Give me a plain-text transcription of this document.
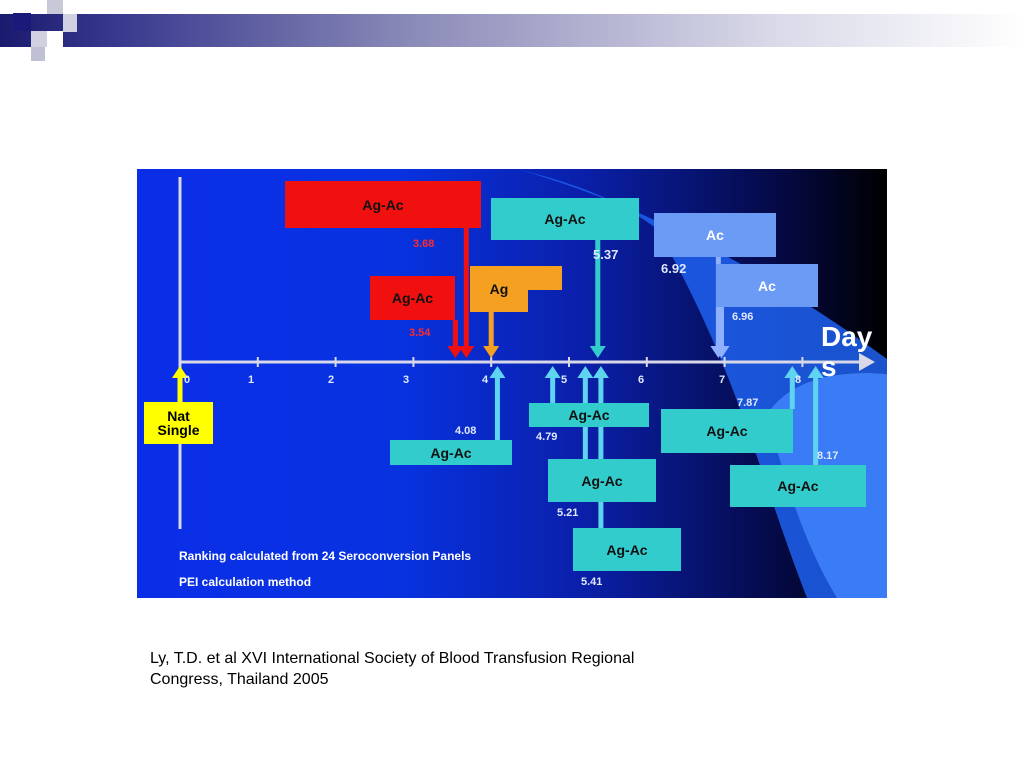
0	1	2	3	4	5	6	7	8
Days
Ag-Ac
3.68
Ag-Ac
3.54
Ag
Ag-Ac
5.37
Ac
6.92
Ac
6.96
Nat
Single
Ag-Ac
4.08
Ag-Ac
4.79
Ag-Ac
5.21
Ag-Ac
5.41
Ag-Ac
7.87
Ag-Ac
8.17
Ranking calculated from 24 Seroconversion Panels
PEI calculation method
Ly, T.D. et al XVI International Society of Blood Transfusion Regional
Congress, Thailand 2005
